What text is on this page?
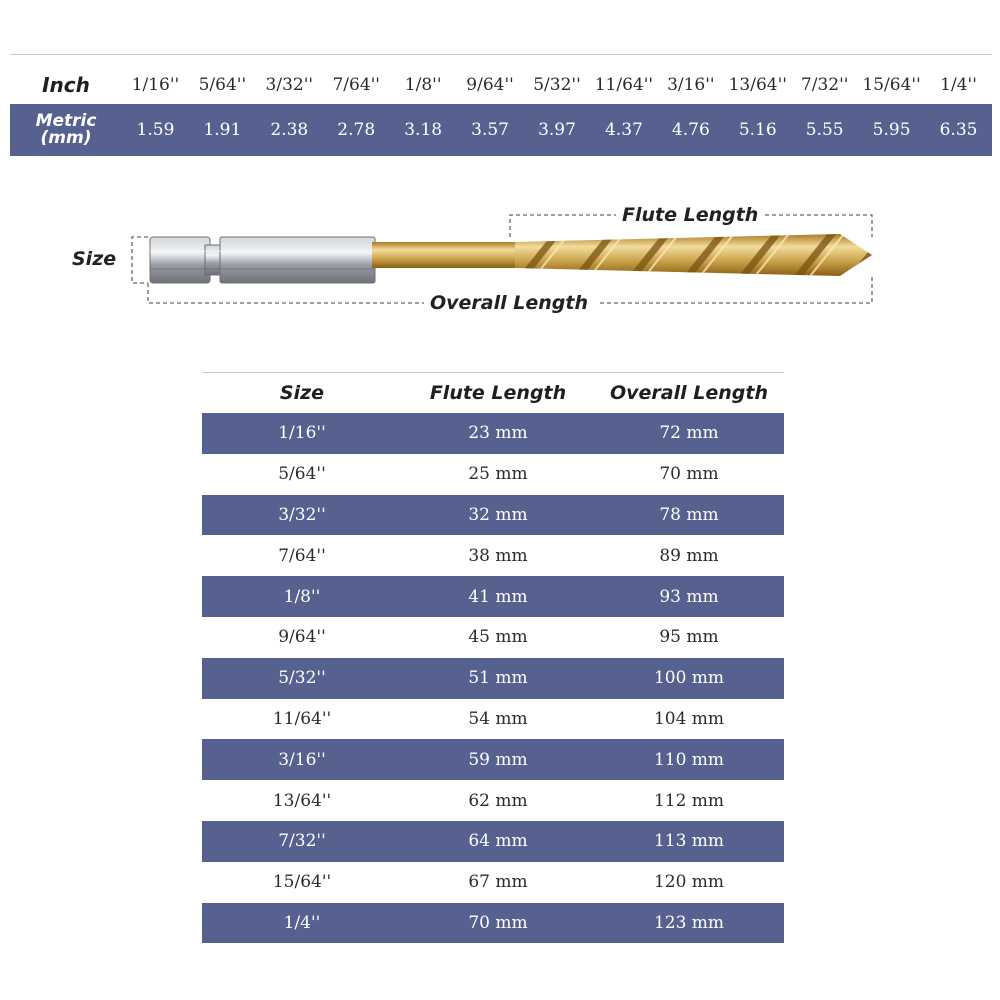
Inch	1/16''	5/64''	3/32''	7/64''	1/8''	9/64''	5/32'' 11/64'' 3/16'' 13/64'' 7/32'' 15/64''	1/4''
Metric
(mm)	1.59	1.91	2.38	2.78	3.18	3.57	3.97	4.37	4.76	5.16	5.55	5.95	6.35
Size
Flute Length
Overall Length
Size	Flute Length	Overall Length
1/16''	23 mm	72 mm
5/64''	25 mm	70 mm
3/32''	32 mm	78 mm
7/64''	38 mm	89 mm
1/8''	41 mm	93 mm
9/64''	45 mm	95 mm
5/32''	51 mm	100 mm
11/64''	54 mm	104 mm
3/16''	59 mm	110 mm
13/64''	62 mm	112 mm
7/32''	64 mm	113 mm
15/64''	67 mm	120 mm
1/4''	70 mm	123 mm
